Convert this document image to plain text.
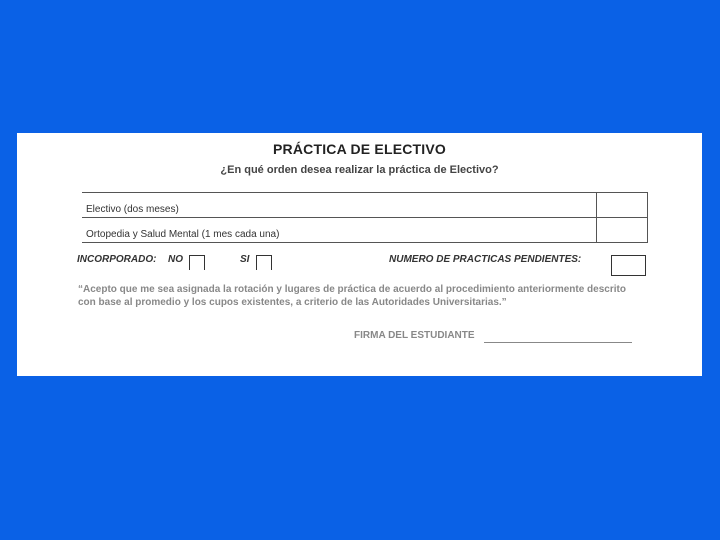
PRÁCTICA DE ELECTIVO
¿En qué orden desea realizar la práctica de Electivo?
Electivo (dos meses)
Ortopedia y Salud Mental (1 mes cada una)
INCORPORADO: NO	SI	NUMERO DE PRACTICAS PENDIENTES:
“Acepto que me sea asignada la rotación y lugares de práctica de acuerdo al procedimiento anteriormente descrito con base al promedio y los cupos existentes, a criterio de las Autoridades Universitarias.”
FIRMA DEL ESTUDIANTE
